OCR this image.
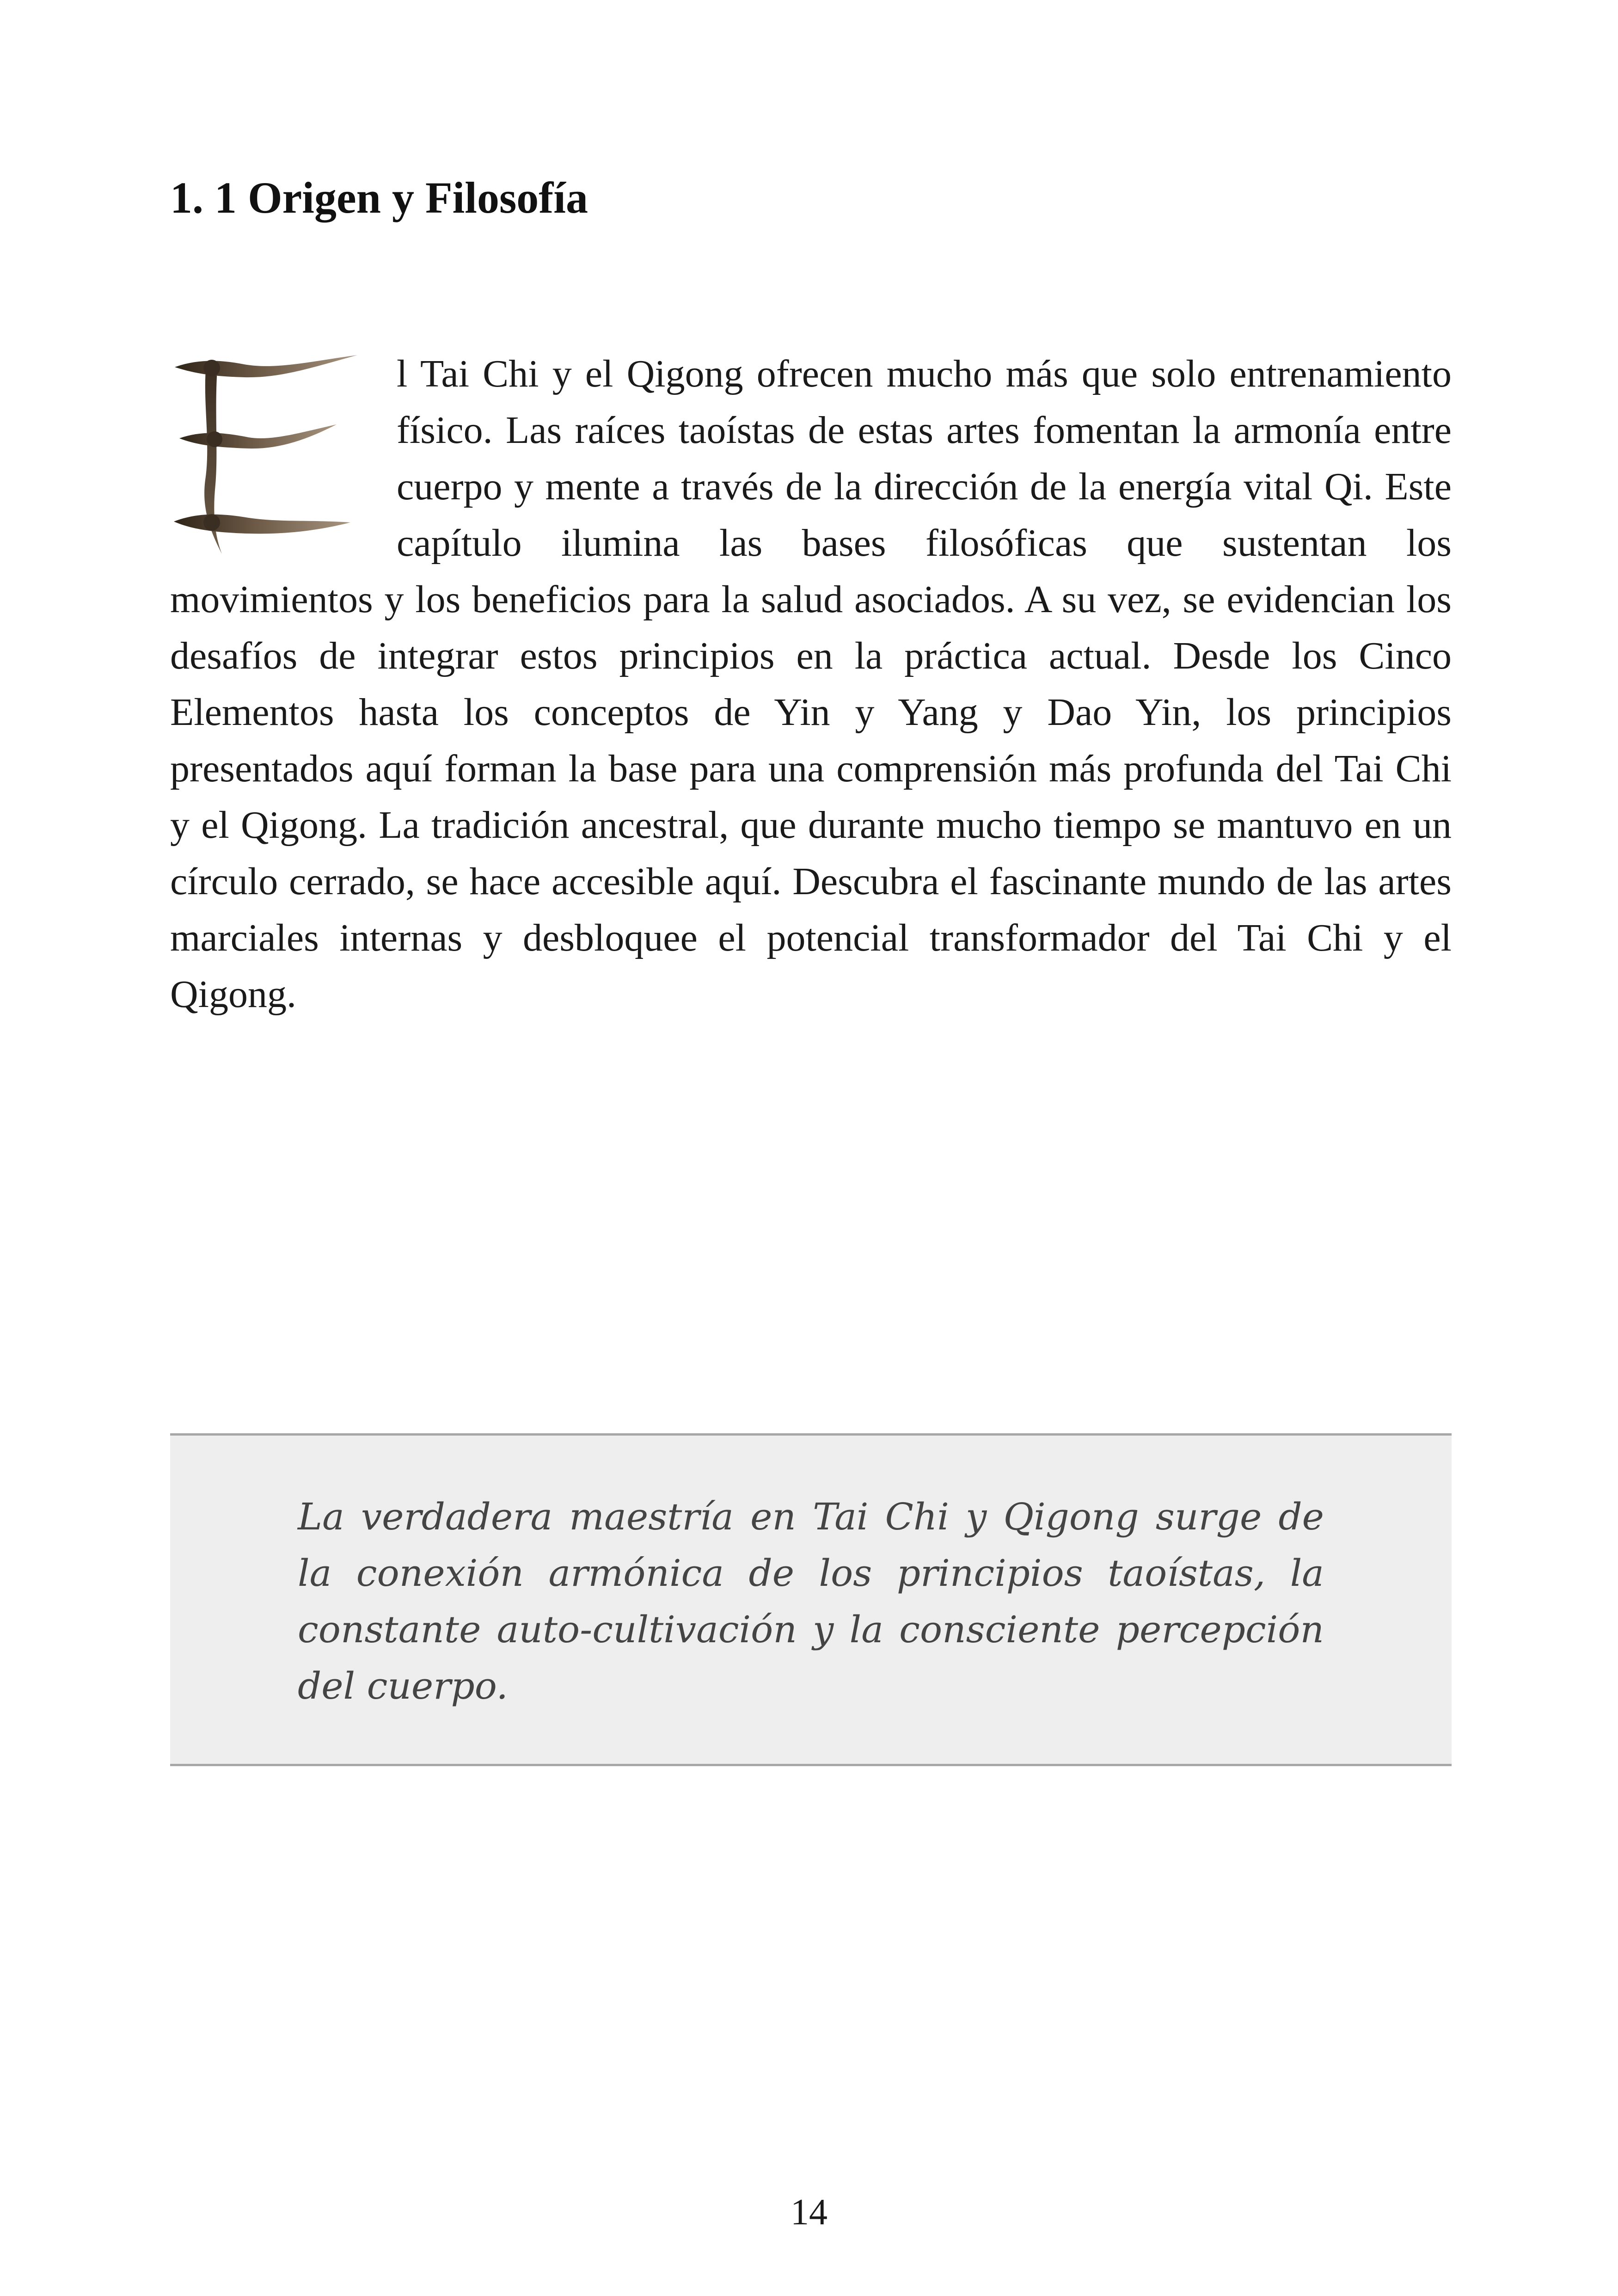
1. 1 Origen y Filosofía

l Tai Chi y el Qigong ofrecen mucho más que solo entrenamiento físico. Las raíces taoístas de estas artes fomentan la armonía entre cuerpo y mente a través de la dirección de la energía vital Qi. Este capítulo ilumina las bases filosóficas que sustentan los movimientos y los beneficios para la salud asociados. A su vez, se evidencian los desafíos de integrar estos principios en la práctica actual. Desde los Cinco Elementos hasta los conceptos de Yin y Yang y Dao Yin, los principios presentados aquí forman la base para una comprensión más profunda del Tai Chi y el Qigong. La tradición ancestral, que durante mucho tiempo se mantuvo en un círculo cerrado, se hace accesible aquí. Descubra el fascinante mundo de las artes marciales internas y desbloquee el potencial transformador del Tai Chi y el Qigong.

La verdadera maestría en Tai Chi y Qigong surge de la conexión armónica de los principios taoístas, la constante auto-cultivación y la consciente percepción del cuerpo.

14
